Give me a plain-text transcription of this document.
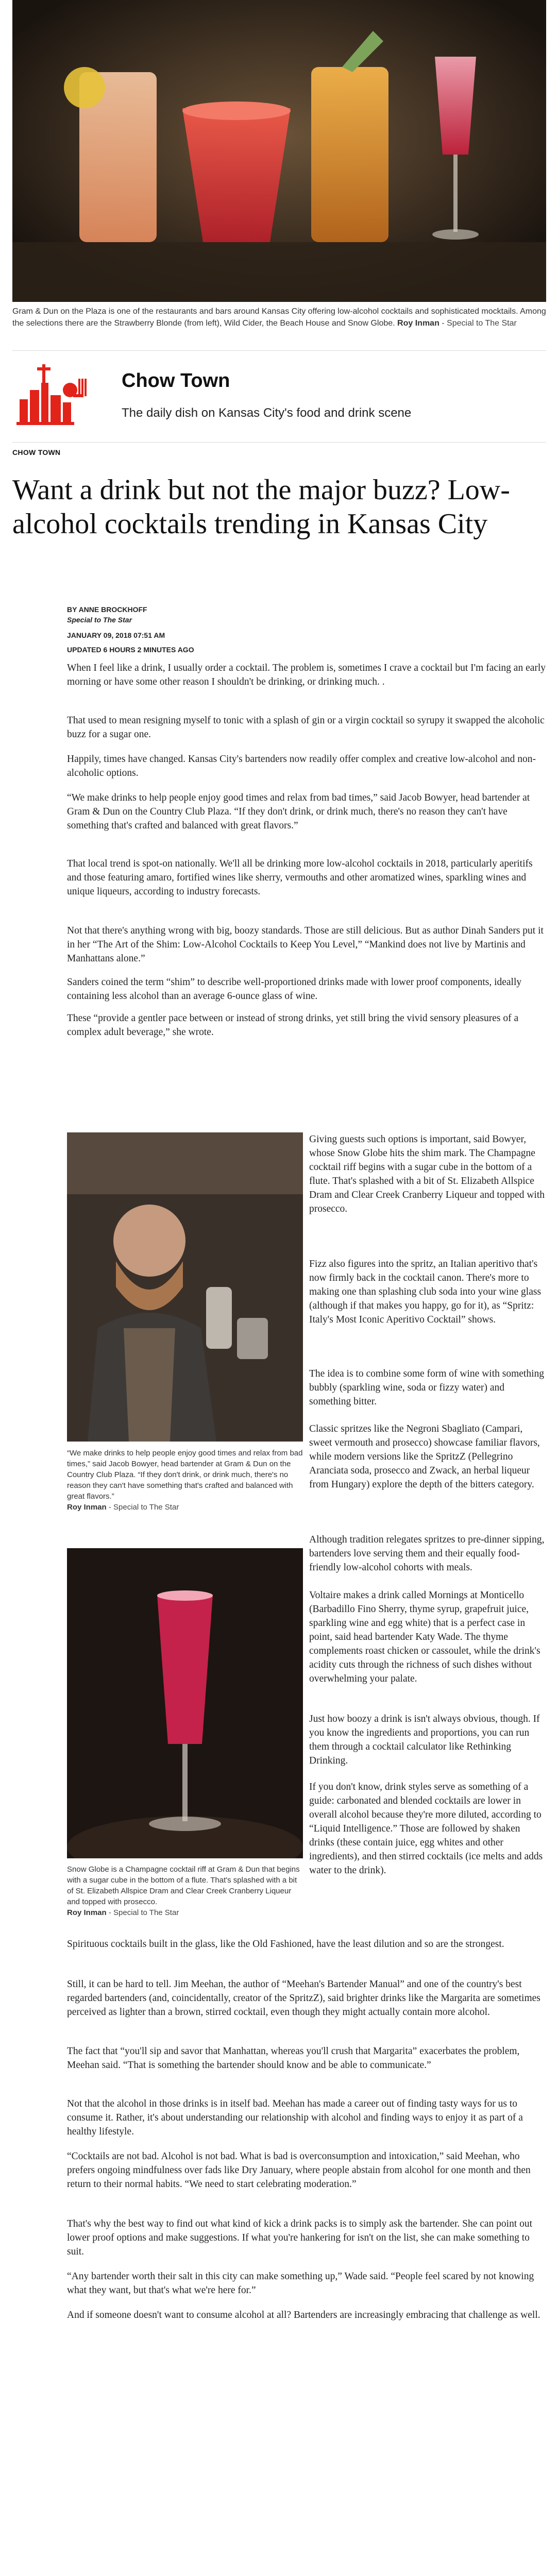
Gram & Dun on the Plaza is one of the restaurants and bars around Kansas City offering low-alcohol cocktails and sophisticated mocktails. Among the selections there are the Strawberry Blonde (from left), Wild Cider, the Beach House and Snow Globe. Roy Inman - Special to The Star
Chow Town
The daily dish on Kansas City's food and drink scene
CHOW TOWN
Want a drink but not the major buzz? Low-alcohol cocktails trending in Kansas City
BY ANNE BROCKHOFF
Special to The Star
JANUARY 09, 2018 07:51 AM
UPDATED 6 HOURS 2 MINUTES AGO

When I feel like a drink, I usually order a cocktail. The problem is, sometimes I crave a cocktail but I'm facing an early morning or have some other reason I shouldn't be drinking, or drinking much. .

That used to mean resigning myself to tonic with a splash of gin or a virgin cocktail so syrupy it swapped the alcoholic buzz for a sugar one.

Happily, times have changed. Kansas City's bartenders now readily offer complex and creative low-alcohol and non-alcoholic options.

“We make drinks to help people enjoy good times and relax from bad times,” said Jacob Bowyer, head bartender at Gram & Dun on the Country Club Plaza. “If they don't drink, or drink much, there's no reason they can't have something that's crafted and balanced with great flavors.”

That local trend is spot-on nationally. We'll all be drinking more low-alcohol cocktails in 2018, particularly aperitifs and those featuring amaro, fortified wines like sherry, vermouths and other aromatized wines, sparkling wines and unique liqueurs, according to industry forecasts.

Not that there's anything wrong with big, boozy standards. Those are still delicious. But as author Dinah Sanders put it in her “The Art of the Shim: Low-Alcohol Cocktails to Keep You Level,” “Mankind does not live by Martinis and Manhattans alone.”

Sanders coined the term “shim” to describe well-proportioned drinks made with lower proof components, ideally containing less alcohol than an average 6-ounce glass of wine.

These “provide a gentler pace between or instead of strong drinks, yet still bring the vivid sensory pleasures of a complex adult beverage,” she wrote.

“We make drinks to help people enjoy good times and relax from bad times,” said Jacob Bowyer, head bartender at Gram & Dun on the Country Club Plaza. “If they don't drink, or drink much, there's no reason they can't have something that's crafted and balanced with great flavors.”
Roy Inman - Special to The Star
Snow Globe is a Champagne cocktail riff at Gram & Dun that begins with a sugar cube in the bottom of a flute. That's splashed with a bit of St. Elizabeth Allspice Dram and Clear Creek Cranberry Liqueur and topped with prosecco.
Roy Inman - Special to The Star

Giving guests such options is important, said Bowyer, whose Snow Globe hits the shim mark. The Champagne cocktail riff begins with a sugar cube in the bottom of a flute. That's splashed with a bit of St. Elizabeth Allspice Dram and Clear Creek Cranberry Liqueur and topped with prosecco.

Fizz also figures into the spritz, an Italian aperitivo that's now firmly back in the cocktail canon. There's more to making one than splashing club soda into your wine glass (although if that makes you happy, go for it), as “Spritz: Italy's Most Iconic Aperitivo Cocktail” shows.

The idea is to combine some form of wine with something bubbly (sparkling wine, soda or fizzy water) and something bitter.

Classic spritzes like the Negroni Sbagliato (Campari, sweet vermouth and prosecco) showcase familiar flavors, while modern versions like the SpritzZ (Pellegrino Aranciata soda, prosecco and Zwack, an herbal liqueur from Hungary) explore the depth of the bitters category.

Although tradition relegates spritzes to pre-dinner sipping, bartenders love serving them and their equally food-friendly low-alcohol cohorts with meals.

Voltaire makes a drink called Mornings at Monticello (Barbadillo Fino Sherry, thyme syrup, grapefruit juice, sparkling wine and egg white) that is a perfect case in point, said head bartender Katy Wade. The thyme complements roast chicken or cassoulet, while the drink's acidity cuts through the richness of such dishes without overwhelming your palate.

Just how boozy a drink is isn't always obvious, though. If you know the ingredients and proportions, you can run them through a cocktail calculator like Rethinking Drinking.

If you don't know, drink styles serve as something of a guide: carbonated and blended cocktails are lower in overall alcohol because they're more diluted, according to “Liquid Intelligence.” Those are followed by shaken drinks (these contain juice, egg whites and other ingredients), and then stirred cocktails (ice melts and adds water to the drink).

Spirituous cocktails built in the glass, like the Old Fashioned, have the least dilution and so are the strongest.

Still, it can be hard to tell. Jim Meehan, the author of “Meehan's Bartender Manual” and one of the country's best regarded bartenders (and, coincidentally, creator of the SpritzZ), said brighter drinks like the Margarita are sometimes perceived as lighter than a brown, stirred cocktail, even though they might actually contain more alcohol.

The fact that “you'll sip and savor that Manhattan, whereas you'll crush that Margarita” exacerbates the problem, Meehan said. “That is something the bartender should know and be able to communicate.”

Not that the alcohol in those drinks is in itself bad. Meehan has made a career out of finding tasty ways for us to consume it. Rather, it's about understanding our relationship with alcohol and finding ways to enjoy it as part of a healthy lifestyle.

“Cocktails are not bad. Alcohol is not bad. What is bad is overconsumption and intoxication,” said Meehan, who prefers ongoing mindfulness over fads like Dry January, where people abstain from alcohol for one month and then return to their normal habits. “We need to start celebrating moderation.”

That's why the best way to find out what kind of kick a drink packs is to simply ask the bartender. She can point out lower proof options and make suggestions. If what you're hankering for isn't on the list, she can make something to suit.

“Any bartender worth their salt in this city can make something up,” Wade said. “People feel scared by not knowing what they want, but that's what we're here for.”

And if someone doesn't want to consume alcohol at all? Bartenders are increasingly embracing that challenge as well.
